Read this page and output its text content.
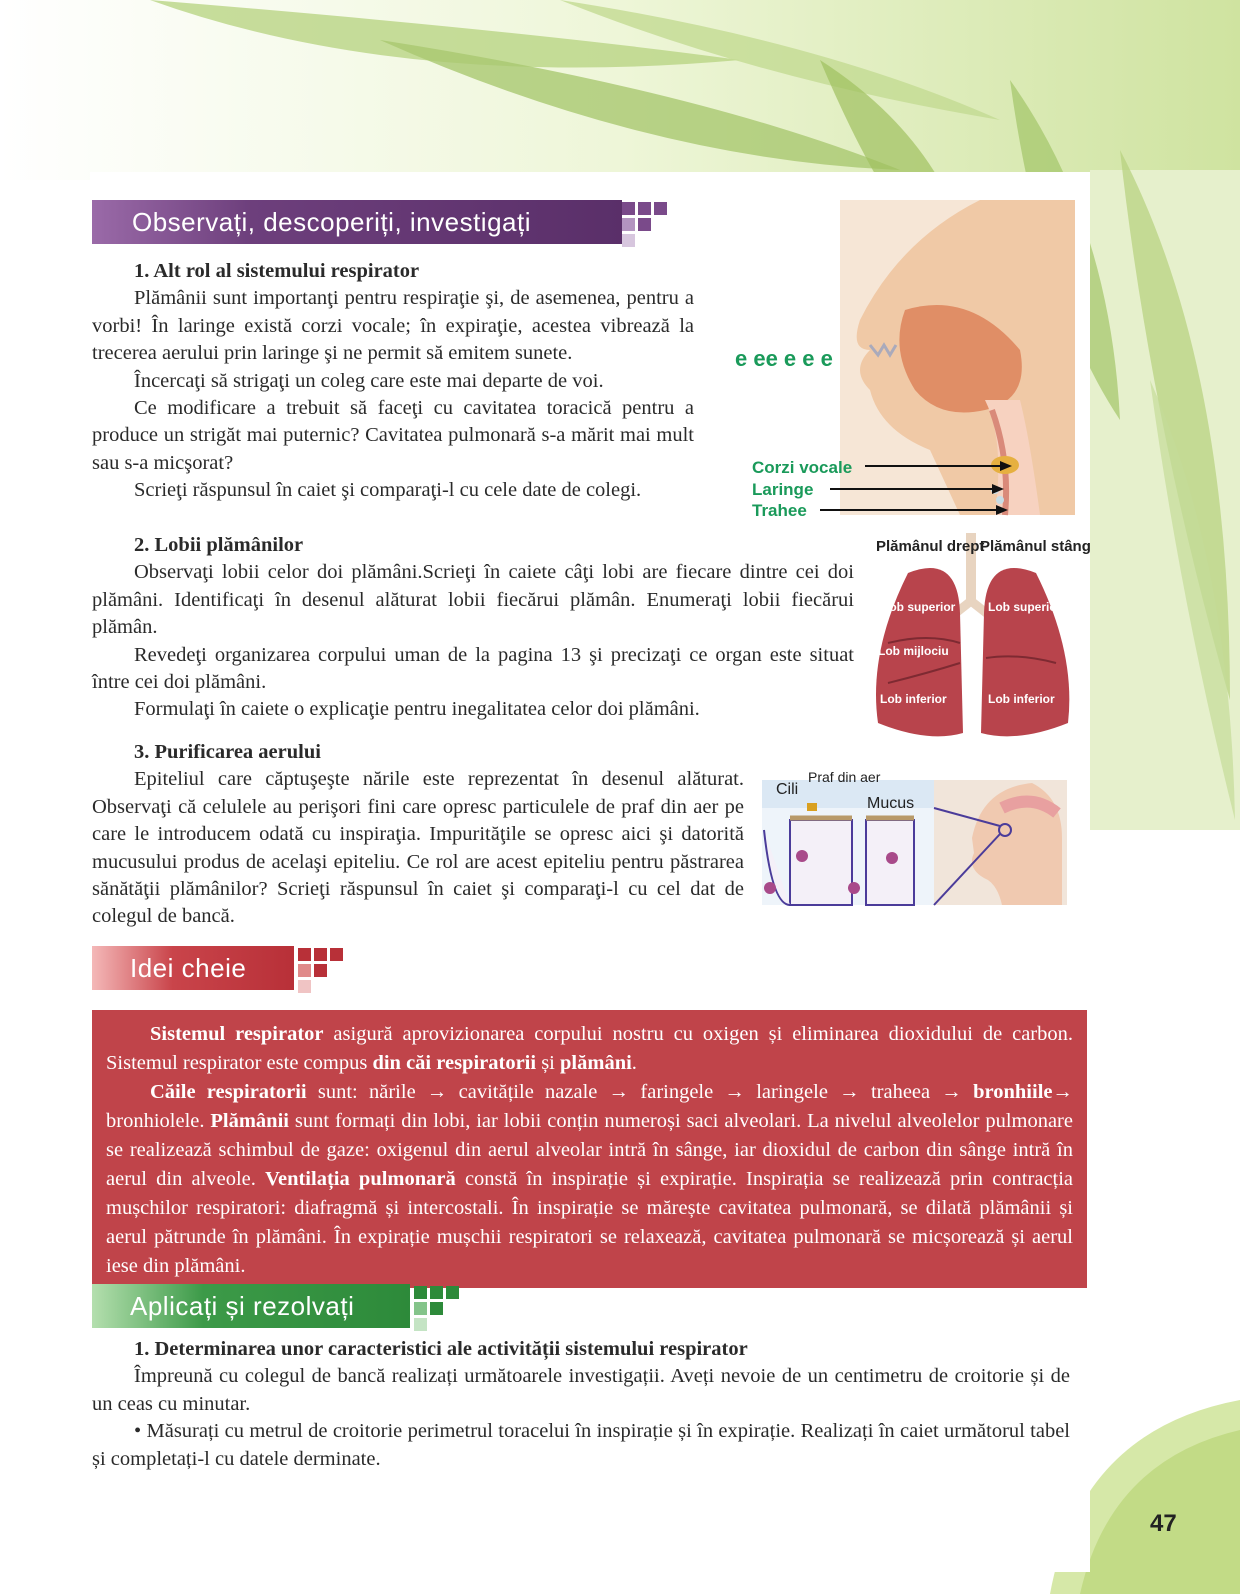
Observați, descoperiți, investigați

1. Alt rol al sistemului respirator

Plămânii sunt importanţi pentru respiraţie şi, de asemenea, pentru a vorbi! În laringe există corzi vocale; în expiraţie, acestea vibrează la trecerea aerului prin laringe şi ne permit să emitem sunete.

Încercaţi să strigaţi un coleg care este mai departe de voi.

Ce modificare a trebuit să faceţi cu cavitatea toracică pentru a produce un strigăt mai puternic? Cavitatea pulmonară s-a mărit mai mult sau s-a micşorat?

Scrieţi răspunsul în caiet şi comparaţi-l cu cele date de colegi.

e ee e e e
Corzi vocale
Laringe
Trahee

2. Lobii plămânilor

Observaţi lobii celor doi plămâni.Scrieţi în caiete câţi lobi are fiecare dintre cei doi plămâni. Identificaţi în desenul alăturat lobii fiecărui plămân. Enumeraţi lobii fiecărui plămân.

Revedeţi organizarea corpului uman de la pagina 13 şi precizaţi ce organ este situat între cei doi plămâni.

Formulaţi în caiete o explicaţie pentru inegalitatea celor doi plămâni.

Plămânul drept
Plămânul stâng
Lob superior
Lob mijlociu
Lob inferior
Lob superior
Lob inferior

3. Purificarea aerului

Epiteliul care căptuşeşte nările este reprezentat în desenul alăturat. Observaţi că celulele au perişori fini care opresc particulele de praf din aer pe care le introducem odată cu inspiraţia. Impurităţile se opresc aici şi datorită mucusului produs de acelaşi epiteliu. Ce rol are acest epiteliu pentru păstrarea sănătăţii plămânilor? Scrieţi răspunsul în caiet şi comparaţi-l cu cel dat de colegul de bancă.

Cili
Praf din aer
Mucus
Idei cheie

Sistemul respirator asigură aprovizionarea corpului nostru cu oxigen și eliminarea dioxidului de carbon. Sistemul respirator este compus din căi respiratorii și plămâni.

Căile respiratorii sunt: nările → cavitățile nazale → faringele → laringele → traheea → bronhiile→ bronhiolele. Plămânii sunt formați din lobi, iar lobii conțin numeroși saci alveolari. La nivelul alveolelor pulmonare se realizează schimbul de gaze: oxigenul din aerul alveolar intră în sânge, iar dioxidul de carbon din sânge intră în aerul din alveole. Ventilația pulmonară constă în inspirație și expirație. Inspirația se realizează prin contracția mușchilor respiratori: diafragmă și intercostali. În inspirație se mărește cavitatea pulmonară, se dilată plămânii și aerul pătrunde în plămâni. În expirație mușchii respiratori se relaxează, cavitatea pulmonară se micșorează și aerul iese din plămâni.

Aplicați și rezolvați

1. Determinarea unor caracteristici ale activității sistemului respirator

Împreună cu colegul de bancă realizați următoarele investigații. Aveți nevoie de un centimetru de croitorie și de un ceas cu minutar.

• Măsurați cu metrul de croitorie perimetrul toracelui în inspirație și în expirație. Realizați în caiet următorul tabel și completați-l cu datele derminate.

47
